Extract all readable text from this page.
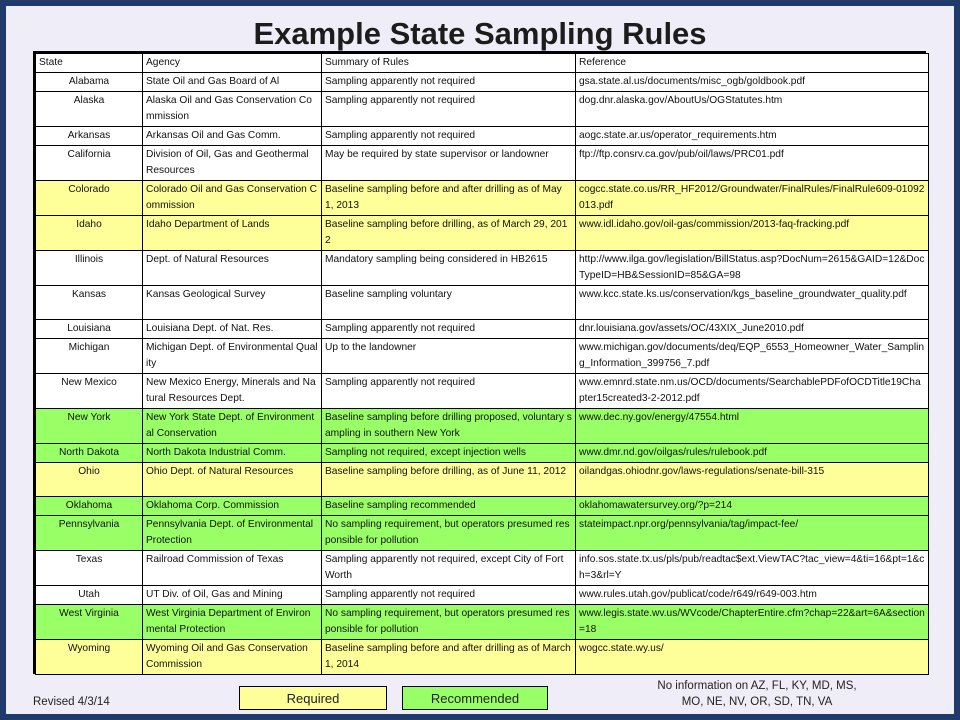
Example State Sampling Rules
State	Agency	Summary of Rules	Reference
Alabama	State Oil and Gas Board of Al	Sampling apparently not required	gsa.state.al.us/documents/misc_ogb/goldbook.pdf
Alaska	Alaska Oil and Gas Conservation Commission	Sampling apparently not required	dog.dnr.alaska.gov/AboutUs/OGStatutes.htm
Arkansas	Arkansas Oil and Gas Comm.	Sampling apparently not required	aogc.state.ar.us/operator_requirements.htm
California	Division of Oil, Gas and Geothermal Resources	May be required by state supervisor or landowner	ftp://ftp.consrv.ca.gov/pub/oil/laws/PRC01.pdf
Colorado	Colorado Oil and Gas Conservation Commission	Baseline sampling before and after drilling as of May 1, 2013	cogcc.state.co.us/RR_HF2012/Groundwater/FinalRules/FinalRule609-01092013.pdf
Idaho	Idaho Department of Lands	Baseline sampling before drilling, as of March 29, 2012	www.idl.idaho.gov/oil-gas/commission/2013-faq-fracking.pdf
Illinois	Dept. of Natural Resources	Mandatory sampling being considered in HB2615	http://www.ilga.gov/legislation/BillStatus.asp?DocNum=2615&GAID=12&DocTypeID=HB&SessionID=85&GA=98
Kansas	Kansas Geological Survey	Baseline sampling voluntary	www.kcc.state.ks.us/conservation/kgs_baseline_groundwater_quality.pdf
Louisiana	Louisiana Dept. of Nat. Res.	Sampling apparently not required	dnr.louisiana.gov/assets/OC/43XIX_June2010.pdf
Michigan	Michigan Dept. of Environmental Quality	Up to the landowner	www.michigan.gov/documents/deq/EQP_6553_Homeowner_Water_Sampling_Information_399756_7.pdf
New Mexico	New Mexico Energy, Minerals and Natural Resources Dept.	Sampling apparently not required	www.emnrd.state.nm.us/OCD/documents/SearchablePDFofOCDTitle19Chapter15created3-2-2012.pdf
New York	New York State Dept. of Environmental Conservation	Baseline sampling before drilling proposed, voluntary sampling in southern New York	www.dec.ny.gov/energy/47554.html
North Dakota	North Dakota Industrial Comm.	Sampling not required, except injection wells	www.dmr.nd.gov/oilgas/rules/rulebook.pdf
Ohio	Ohio Dept. of Natural Resources	Baseline sampling before drilling, as of June 11, 2012	oilandgas.ohiodnr.gov/laws-regulations/senate-bill-315
Oklahoma	Oklahoma Corp. Commission	Baseline sampling recommended	oklahomawatersurvey.org/?p=214
Pennsylvania	Pennsylvania Dept. of Environmental Protection	No sampling requirement, but operators presumed responsible for pollution	stateimpact.npr.org/pennsylvania/tag/impact-fee/
Texas	Railroad Commission of Texas	Sampling apparently not required, except City of Fort Worth	info.sos.state.tx.us/pls/pub/readtac$ext.ViewTAC?tac_view=4&ti=16&pt=1&ch=3&rl=Y
Utah	UT Div. of Oil, Gas and Mining	Sampling apparently not required	www.rules.utah.gov/publicat/code/r649/r649-003.htm
West Virginia	West Virginia Department of Environmental Protection	No sampling requirement, but operators presumed responsible for pollution	www.legis.state.wv.us/WVcode/ChapterEntire.cfm?chap=22&art=6A&section=18
Wyoming	Wyoming Oil and Gas Conservation Commission	Baseline sampling before and after drilling as of March 1, 2014	wogcc.state.wy.us/
Revised 4/3/14	Required	Recommended
No information on AZ, FL, KY, MD, MS, MO, NE, NV, OR, SD, TN, VA
